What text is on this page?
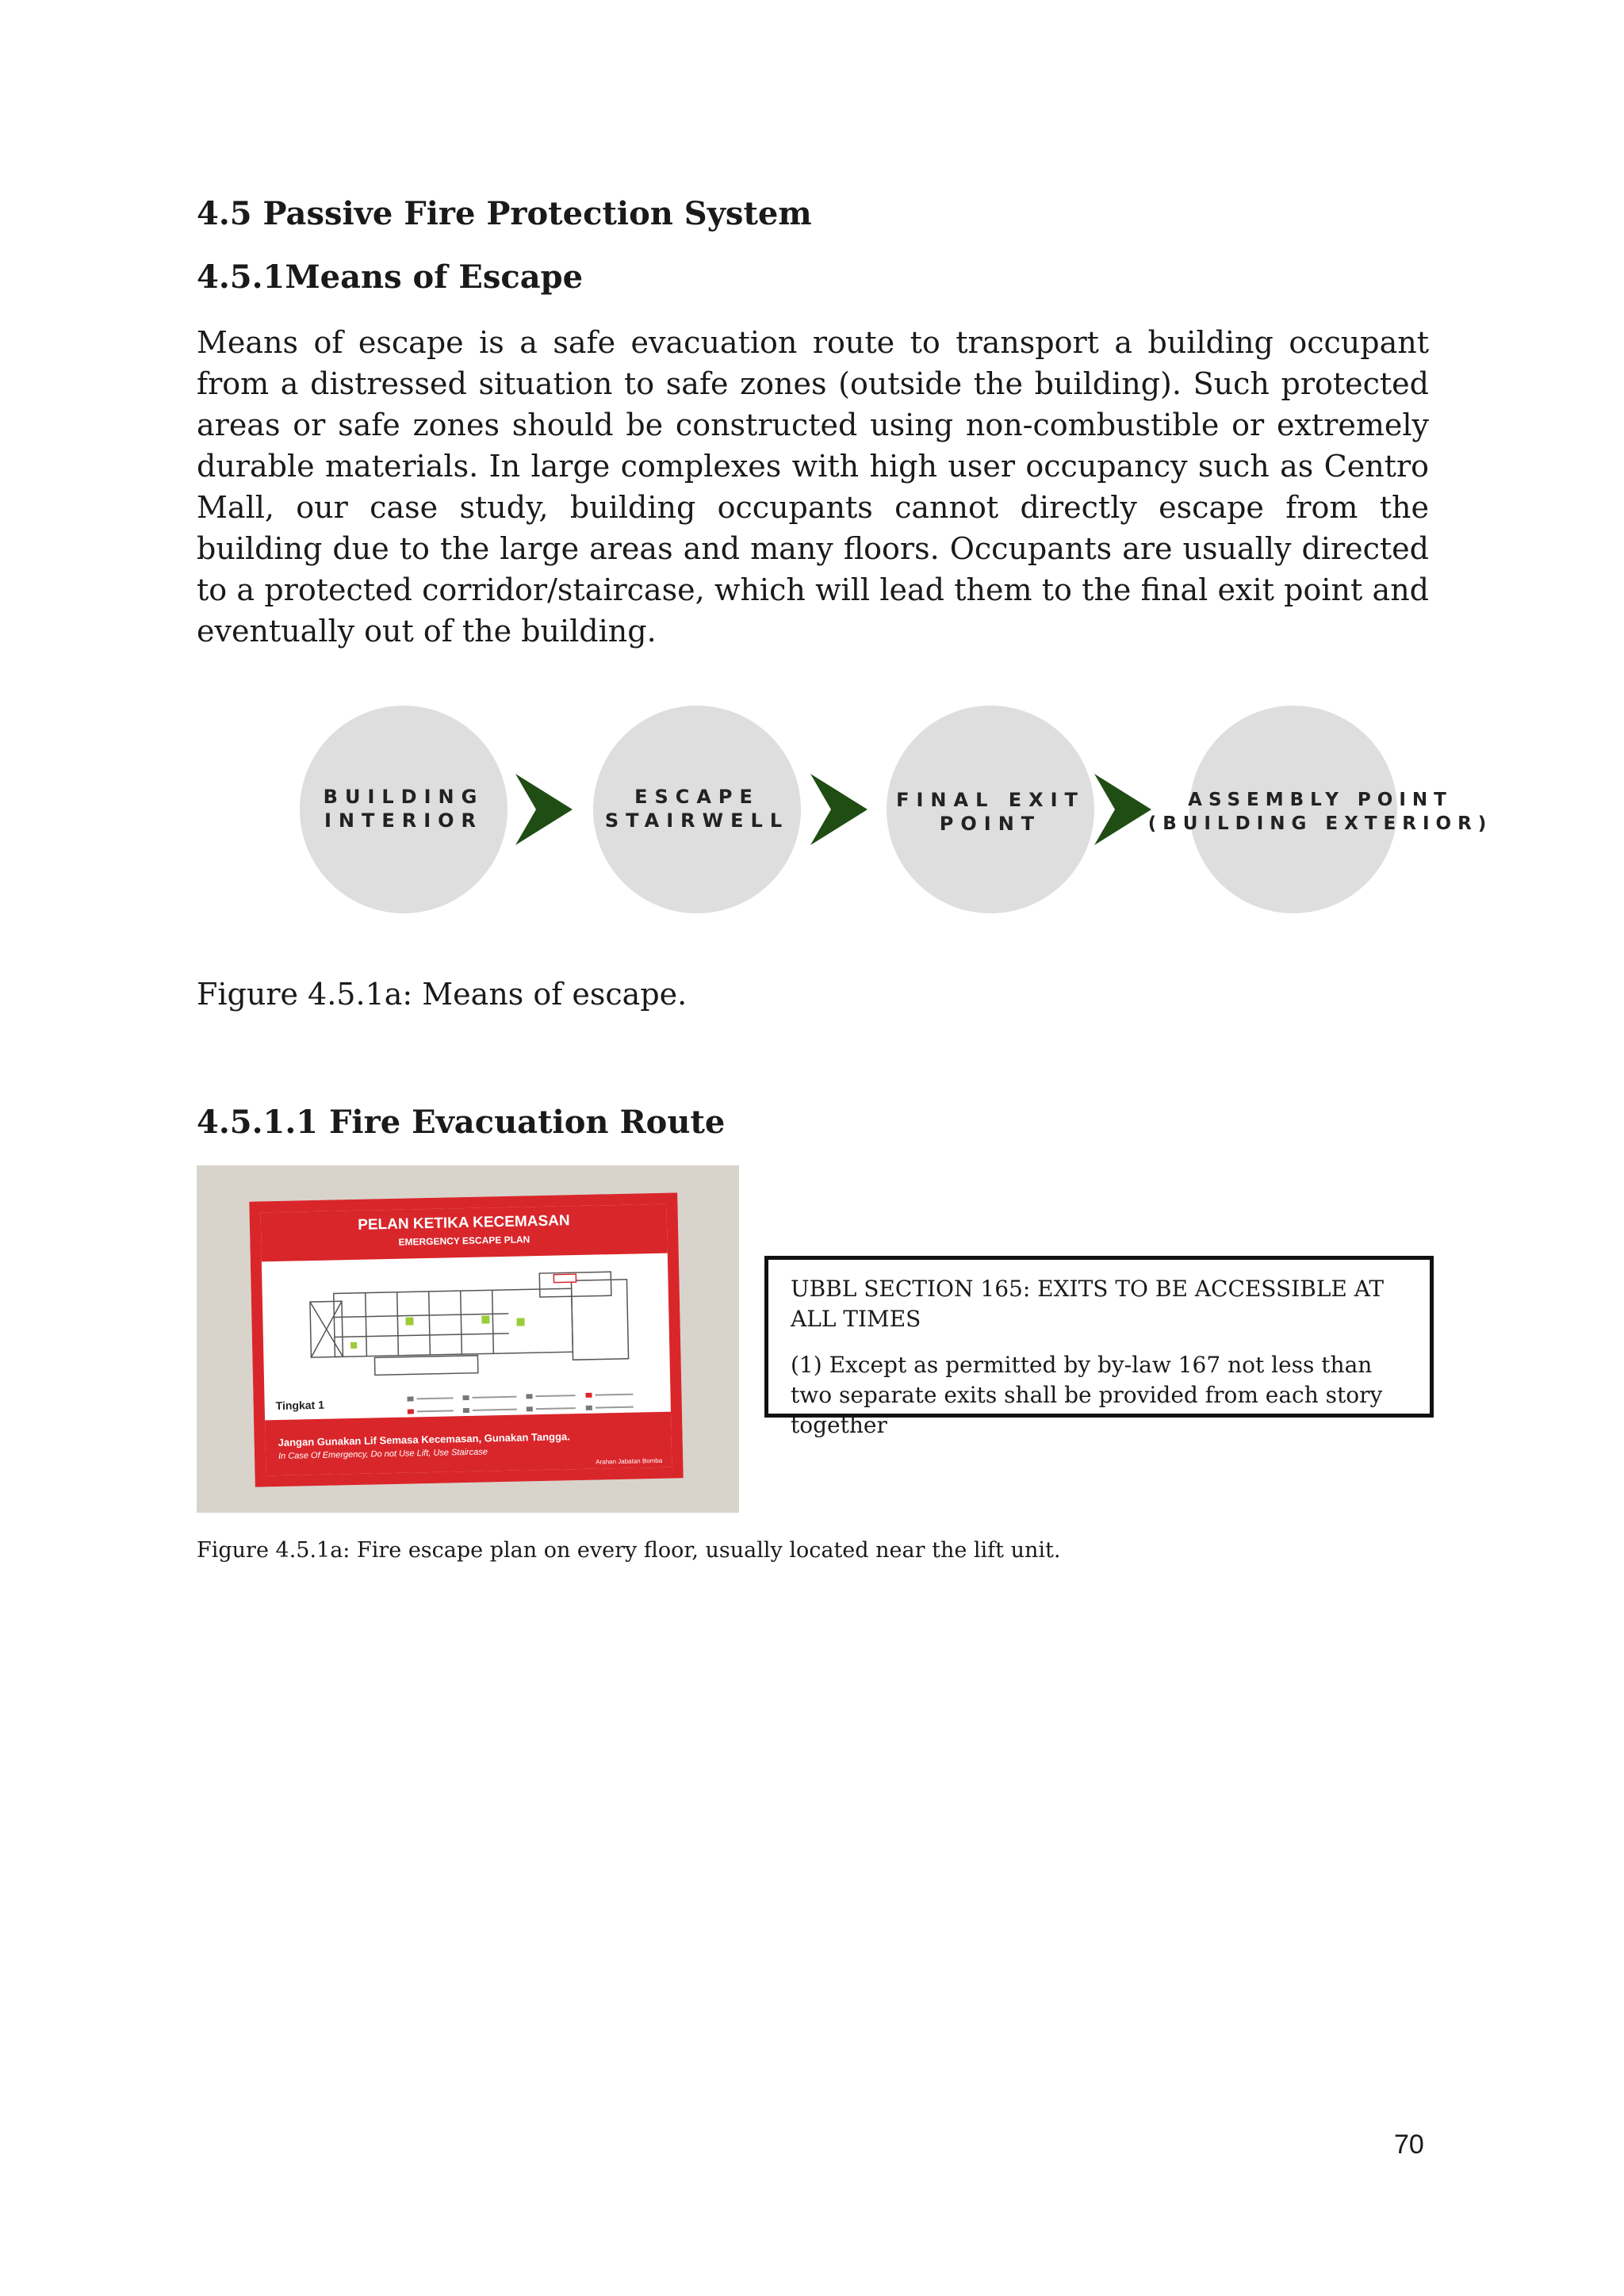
4.5 Passive Fire Protection System
4.5.1Means of Escape

Means of escape is a safe evacuation route to transport a building occupant from a distressed situation to safe zones (outside the building). Such protected areas or safe zones should be constructed using non-combustible or extremely durable materials. In large complexes with high user occupancy such as Centro Mall, our case study, building occupants cannot directly escape from the building due to the large areas and many floors. Occupants are usually directed to a protected corridor/staircase, which will lead them to the final exit point and eventually out of the building.

BUILDING
INTERIOR
ESCAPE
STAIRWELL
FINAL EXIT
POINT
ASSEMBLY POINT
(BUILDING EXTERIOR)
Figure 4.5.1a: Means of escape.
4.5.1.1 Fire Evacuation Route
PELAN KETIKA KECEMASAN
EMERGENCY ESCAPE PLAN
Tingkat 1
Jangan Gunakan Lif Semasa Kecemasan, Gunakan Tangga.
In Case Of Emergency, Do not Use Lift, Use Staircase
Arahan Jabatan Bomba

UBBL SECTION 165: EXITS TO BE ACCESSIBLE AT ALL TIMES

(1) Except as permitted by by-law 167 not less than two separate exits shall be provided from each story together

Figure 4.5.1a: Fire escape plan on every floor, usually located near the lift unit.
70
